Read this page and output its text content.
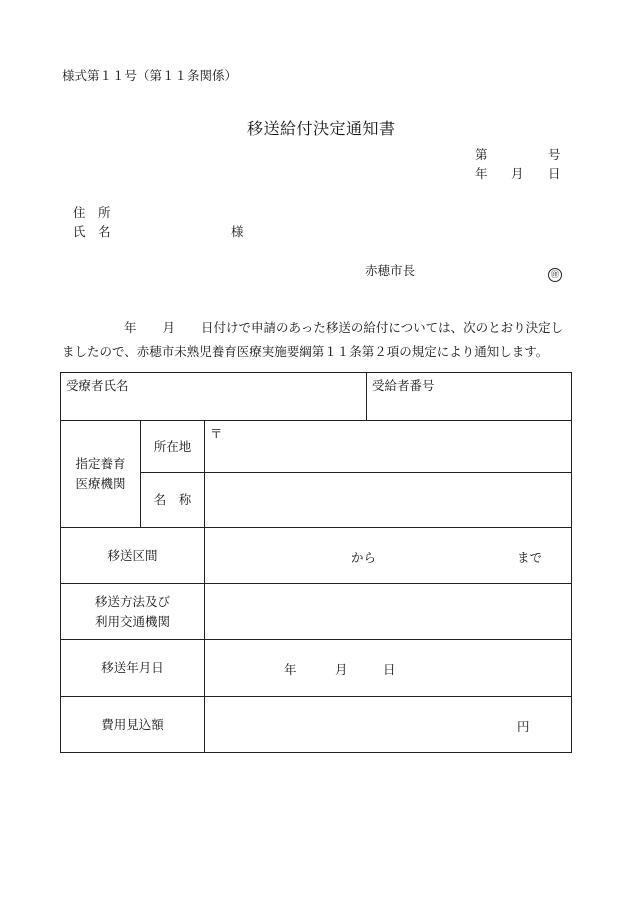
様式第１１号（第１１条関係）
移送給付決定通知書
第	号
年 月 日
住　所
氏　名	様
赤穂市長	㊞
年 月 日付けで申請のあった移送の給付については、次のとおり決定しましたので、赤穂市未熟児養育医療実施要綱第１１条第２項の規定により通知します。
受療者氏名			受給者番号

指定養育
医療機関	所在地	〒	
	名　称		
移送区間		から まで	

移送方法及び
利用交通機関			

移送年月日		年 月 日	

費用見込額		円	
